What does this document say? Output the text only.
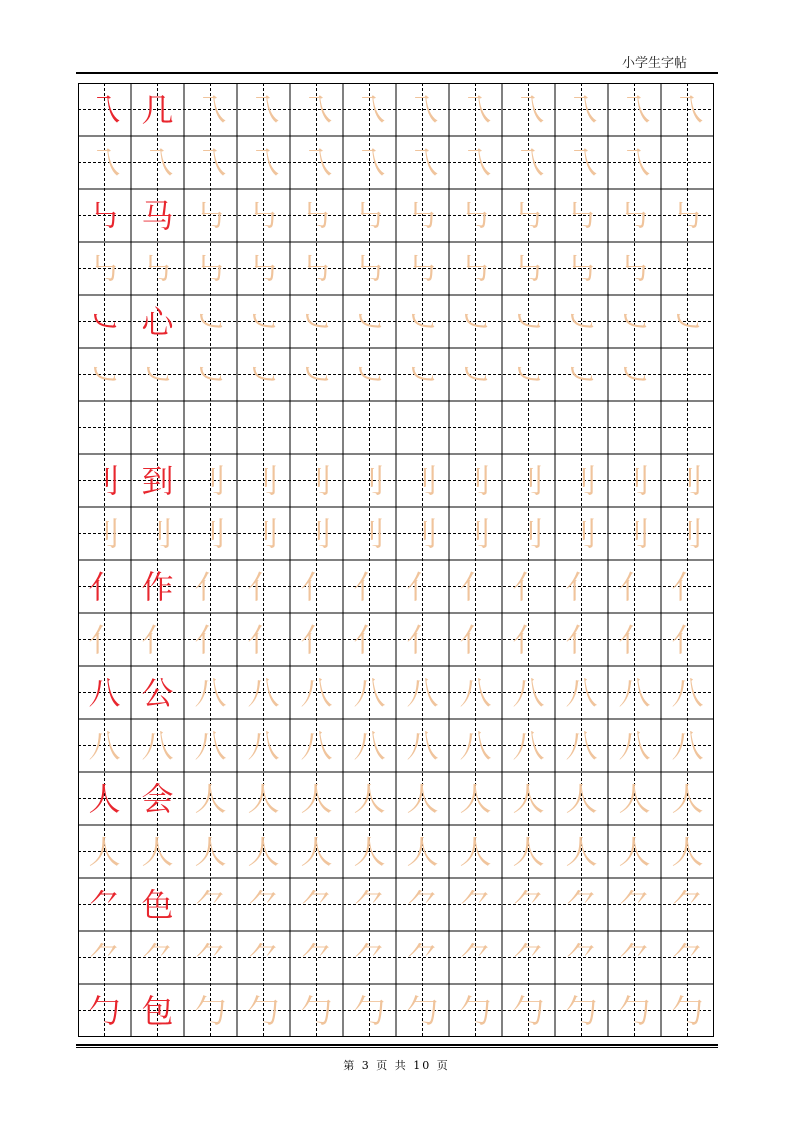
小学生字帖
乁 几 乁 乁 乁 乁 乁 乁 乁 乁 乁 乁
乁 乁 乁 乁 乁 乁 乁 乁 乁 乁 乁
㇉ 马 ㇉ ㇉ ㇉ ㇉ ㇉ ㇉ ㇉ ㇉ ㇉ ㇉
㇉ ㇉ ㇉ ㇉ ㇉ ㇉ ㇉ ㇉ ㇉ ㇉ ㇉
㇃ 心 ㇃ ㇃ ㇃ ㇃ ㇃ ㇃ ㇃ ㇃ ㇃ ㇃
㇃ ㇃ ㇃ ㇃ ㇃ ㇃ ㇃ ㇃ ㇃ ㇃ ㇃
刂 到 刂 刂 刂 刂 刂 刂 刂 刂 刂 刂
刂 刂 刂 刂 刂 刂 刂 刂 刂 刂 刂 刂
亻 作 亻 亻 亻 亻 亻 亻 亻 亻 亻 亻
亻 亻 亻 亻 亻 亻 亻 亻 亻 亻 亻 亻
八 公 八 八 八 八 八 八 八 八 八 八
八 八 八 八 八 八 八 八 八 八 八 八
人 会 人 人 人 人 人 人 人 人 人 人
人 人 人 人 人 人 人 人 人 人 人 人
⺈ 色 ⺈ ⺈ ⺈ ⺈ ⺈ ⺈ ⺈ ⺈ ⺈ ⺈
⺈ ⺈ ⺈ ⺈ ⺈ ⺈ ⺈ ⺈ ⺈ ⺈ ⺈ ⺈
勹 包 勹 勹 勹 勹 勹 勹 勹 勹 勹 勹
第 3 页 共 10 页
